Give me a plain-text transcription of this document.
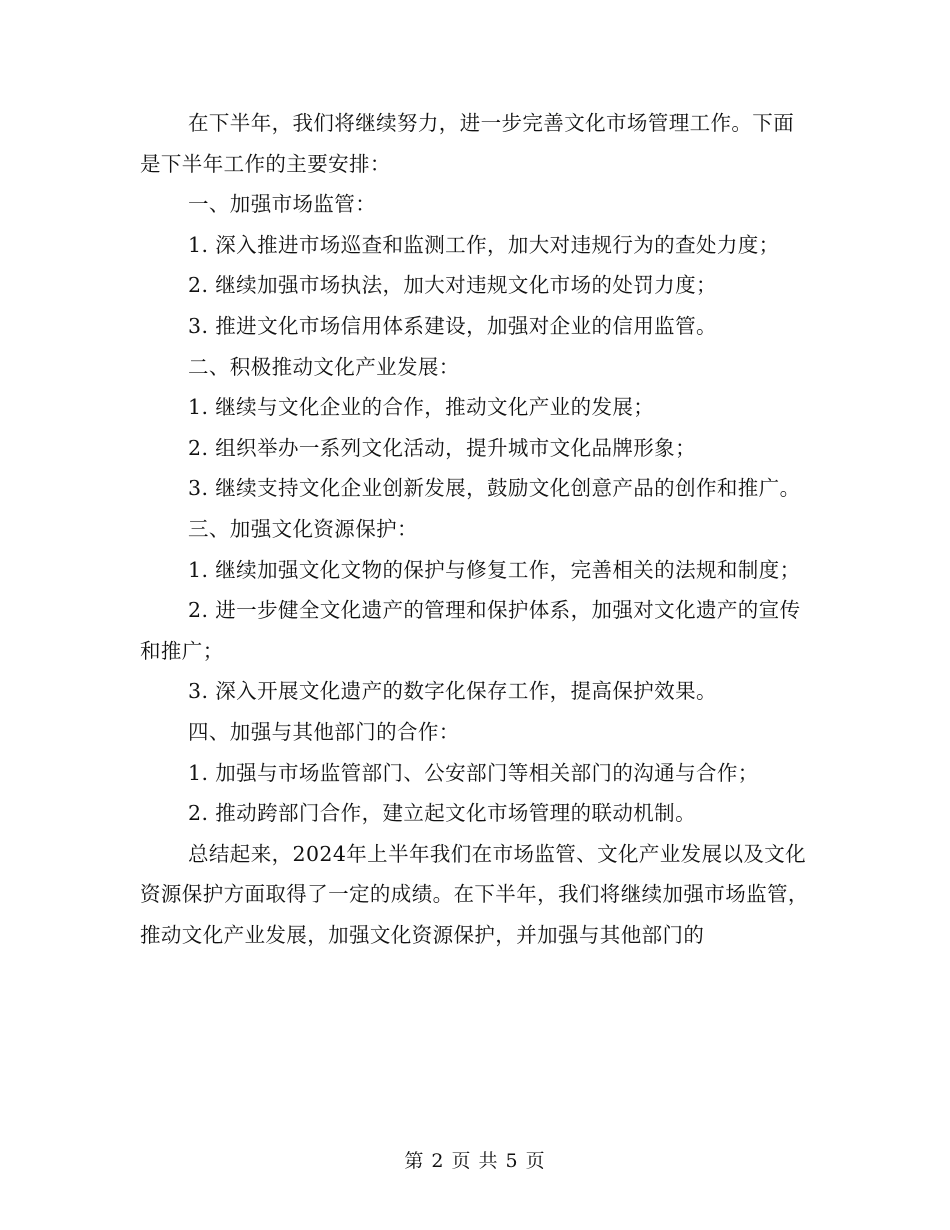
在下半年，我们将继续努力，进一步完善文化市场管理工作。下面是下半年工作的主要安排：

一、加强市场监管：

1. 深入推进市场巡查和监测工作，加大对违规行为的查处力度；

2. 继续加强市场执法，加大对违规文化市场的处罚力度；

3. 推进文化市场信用体系建设，加强对企业的信用监管。

二、积极推动文化产业发展：

1. 继续与文化企业的合作，推动文化产业的发展；

2. 组织举办一系列文化活动，提升城市文化品牌形象；

3. 继续支持文化企业创新发展，鼓励文化创意产品的创作和推广。

三、加强文化资源保护：

1. 继续加强文化文物的保护与修复工作，完善相关的法规和制度；

2. 进一步健全文化遗产的管理和保护体系，加强对文化遗产的宣传和推广；

3. 深入开展文化遗产的数字化保存工作，提高保护效果。

四、加强与其他部门的合作：

1. 加强与市场监管部门、公安部门等相关部门的沟通与合作；

2. 推动跨部门合作，建立起文化市场管理的联动机制。

总结起来，2024年上半年我们在市场监管、文化产业发展以及文化资源保护方面取得了一定的成绩。在下半年，我们将继续加强市场监管，推动文化产业发展，加强文化资源保护，并加强与其他部门的

第 2 页 共 5 页
